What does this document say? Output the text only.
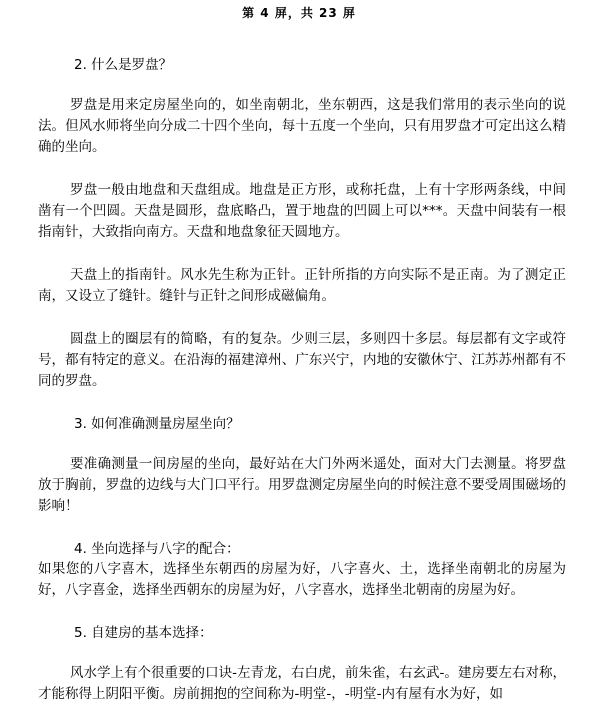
第 4 屏，共 23 屏

2. 什么是罗盘？

罗盘是用来定房屋坐向的，如坐南朝北，坐东朝西，这是我们常用的表示坐向的说法。但风水师将坐向分成二十四个坐向，每十五度一个坐向，只有用罗盘才可定出这么精确的坐向。

罗盘一般由地盘和天盘组成。地盘是正方形，或称托盘，上有十字形两条线，中间凿有一个凹圆。天盘是圆形，盘底略凸，置于地盘的凹圆上可以***。天盘中间装有一根指南针，大致指向南方。天盘和地盘象征天圆地方。

天盘上的指南针。风水先生称为正针。正针所指的方向实际不是正南。为了测定正南，又设立了缝针。缝针与正针之间形成磁偏角。

圆盘上的圈层有的简略，有的复杂。少则三层，多则四十多层。每层都有文字或符号，都有特定的意义。在沿海的福建漳州、广东兴宁，内地的安徽休宁、江苏苏州都有不同的罗盘。

3. 如何准确测量房屋坐向？

要准确测量一间房屋的坐向，最好站在大门外两米遥处，面对大门去测量。将罗盘放于胸前，罗盘的边线与大门口平行。用罗盘测定房屋坐向的时候注意不要受周围磁场的影响！

4. 坐向选择与八字的配合：

如果您的八字喜木，选择坐东朝西的房屋为好，八字喜火、土，选择坐南朝北的房屋为好，八字喜金，选择坐西朝东的房屋为好，八字喜水，选择坐北朝南的房屋为好。

5. 自建房的基本选择：

风水学上有个很重要的口诀-左青龙，右白虎，前朱雀，右玄武-。建房要左右对称，才能称得上阴阳平衡。房前拥抱的空间称为-明堂-，-明堂-内有屋有水为好，如
